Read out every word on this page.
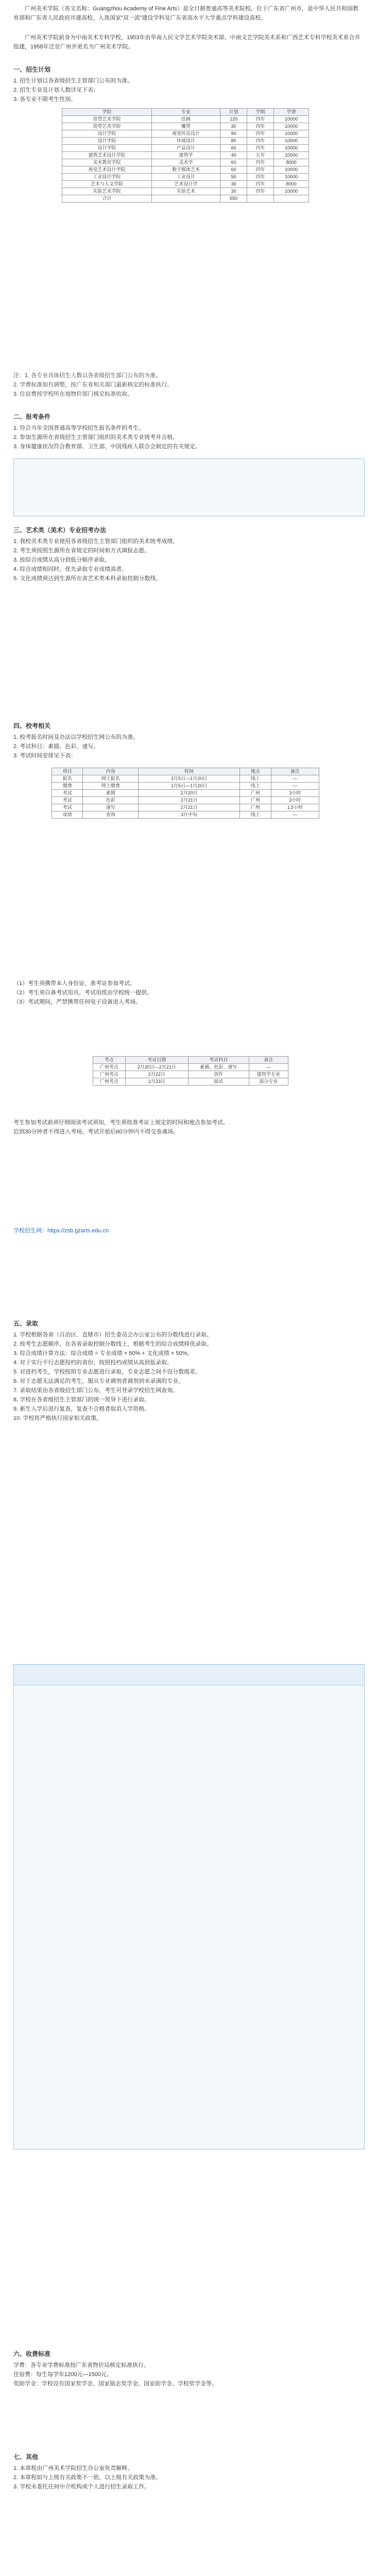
广州美术学院（英文名称：Guangzhou Academy of Fine Arts）是全日制普通高等美术院校，位于广东省广州市，是中华人民共和国教育部和广东省人民政府共建高校，入选国家“双一流”建设学科及广东省高水平大学重点学科建设高校。

广州美术学院前身为中南美术专科学校。1953年由华南人民文学艺术学院美术部、中南文艺学院美术系和广西艺术专科学校美术系合并组建，1958年迁至广州并更名为广州美术学院。

一、招生计划

1. 招生计划以各省级招生主管部门公布的为准。

2. 招生专业及计划人数详见下表：

3. 各专业不限考生性别。

学院	专业	计划	学制	学费
造型艺术学院	绘画	120	四年	10000
造型艺术学院	雕塑	30	四年	10000
设计学院	视觉传达设计	90	四年	10000
设计学院	环境设计	80	四年	10000
设计学院	产品设计	60	四年	10000
建筑艺术设计学院	建筑学	40	五年	10000
美术教育学院	美术学	60	四年	8000
视觉艺术设计学院	数字媒体艺术	60	四年	10000
工业设计学院	工业设计	50	四年	10000
艺术与人文学院	艺术设计学	30	四年	8000
实验艺术学院	实验艺术	30	四年	10000
合计		650		

注：1. 各专业具体招生人数以各省级招生部门公布的为准。

2. 学费标准如有调整，按广东省相关部门最新核定的标准执行。

3. 住宿费按学校所在地物价部门核定标准收取。

二、报考条件

1. 符合当年全国普通高等学校招生报名条件的考生。

2. 参加生源所在省级招生主管部门组织的美术类专业统考并合格。

3. 身体健康状况符合教育部、卫生部、中国残疾人联合会制定的有关规定。

三、艺术类（美术）专业招考办法

1. 我校美术类专业使用各省级招生主管部门组织的美术统考成绩。

2. 考生须按照生源所在省规定的时间和方式填报志愿。

3. 按综合成绩从高分到低分顺序录取。

4. 综合成绩相同时，优先录取专业成绩高者。

5. 文化成绩须达到生源所在省艺术类本科录取控制分数线。

四、校考相关

1. 校考报名时间及办法以学校招生网公布的为准。

2. 考试科目：素描、色彩、速写。

3. 考试时间安排见下表：

项目	内容	时间	地点	备注
报名	网上报名	1月5日—1月20日	线上	—
缴费	网上缴费	1月5日—1月20日	线上	—
考试	素描	2月20日	广州	3小时
考试	色彩	2月21日	广州	3小时
考试	速写	2月21日	广州	1.5小时
成绩	查询	3月中旬	线上	—

（1）考生须携带本人身份证、准考证参加考试。

（2）考生须自备考试用具，考试用纸由学校统一提供。

（3）考试期间，严禁携带任何电子设备进入考场。

考点	考试日期	考试科目	备注
广州考点	2月20日—2月21日	素描、色彩、速写	—
广州考点	2月22日	创作	建筑学专业
广州考点	2月23日	面试	部分专业

考生参加考试前须仔细阅读考试须知，考生须按准考证上规定的时间和地点参加考试。

迟到30分钟者不得进入考场，考试开始后60分钟内不得交卷离场。

学校招生网：https://zsb.gzarts.edu.cn

五、录取

1. 学校根据各省（自治区、直辖市）招生委员会办公室公布的分数线进行录取。

2. 按考生志愿顺序，在各省录取控制分数线上，根据考生的综合成绩择优录取。

3. 综合成绩计算方法：综合成绩 = 专业成绩 × 50% + 文化成绩 × 50%。

4. 对于实行平行志愿投档的省份，按照投档成绩从高到低录取。

5. 对进档考生，学校按照专业志愿进行录取，专业志愿之间不设分数级差。

6. 对于志愿无法满足的考生，服从专业调剂者调剂到未录满的专业。

7. 录取结果由各省级招生部门公布，考生可登录学校招生网查询。

8. 学校在各省级招生主管部门的统一领导下进行录取。

9. 新生入学后进行复查，复查不合格者取消入学资格。

10. 学校将严格执行国家相关政策。

六、收费标准

学费：各专业学费标准按广东省物价局核定标准执行。

住宿费：每生每学年1200元—1500元。

奖助学金：学校设有国家奖学金、国家励志奖学金、国家助学金、学校奖学金等。

七、其他

1. 本章程由广州美术学院招生办公室负责解释。

2. 本章程如与上级有关政策不一致，以上级有关政策为准。

3. 学校未委托任何中介机构或个人进行招生录取工作。
